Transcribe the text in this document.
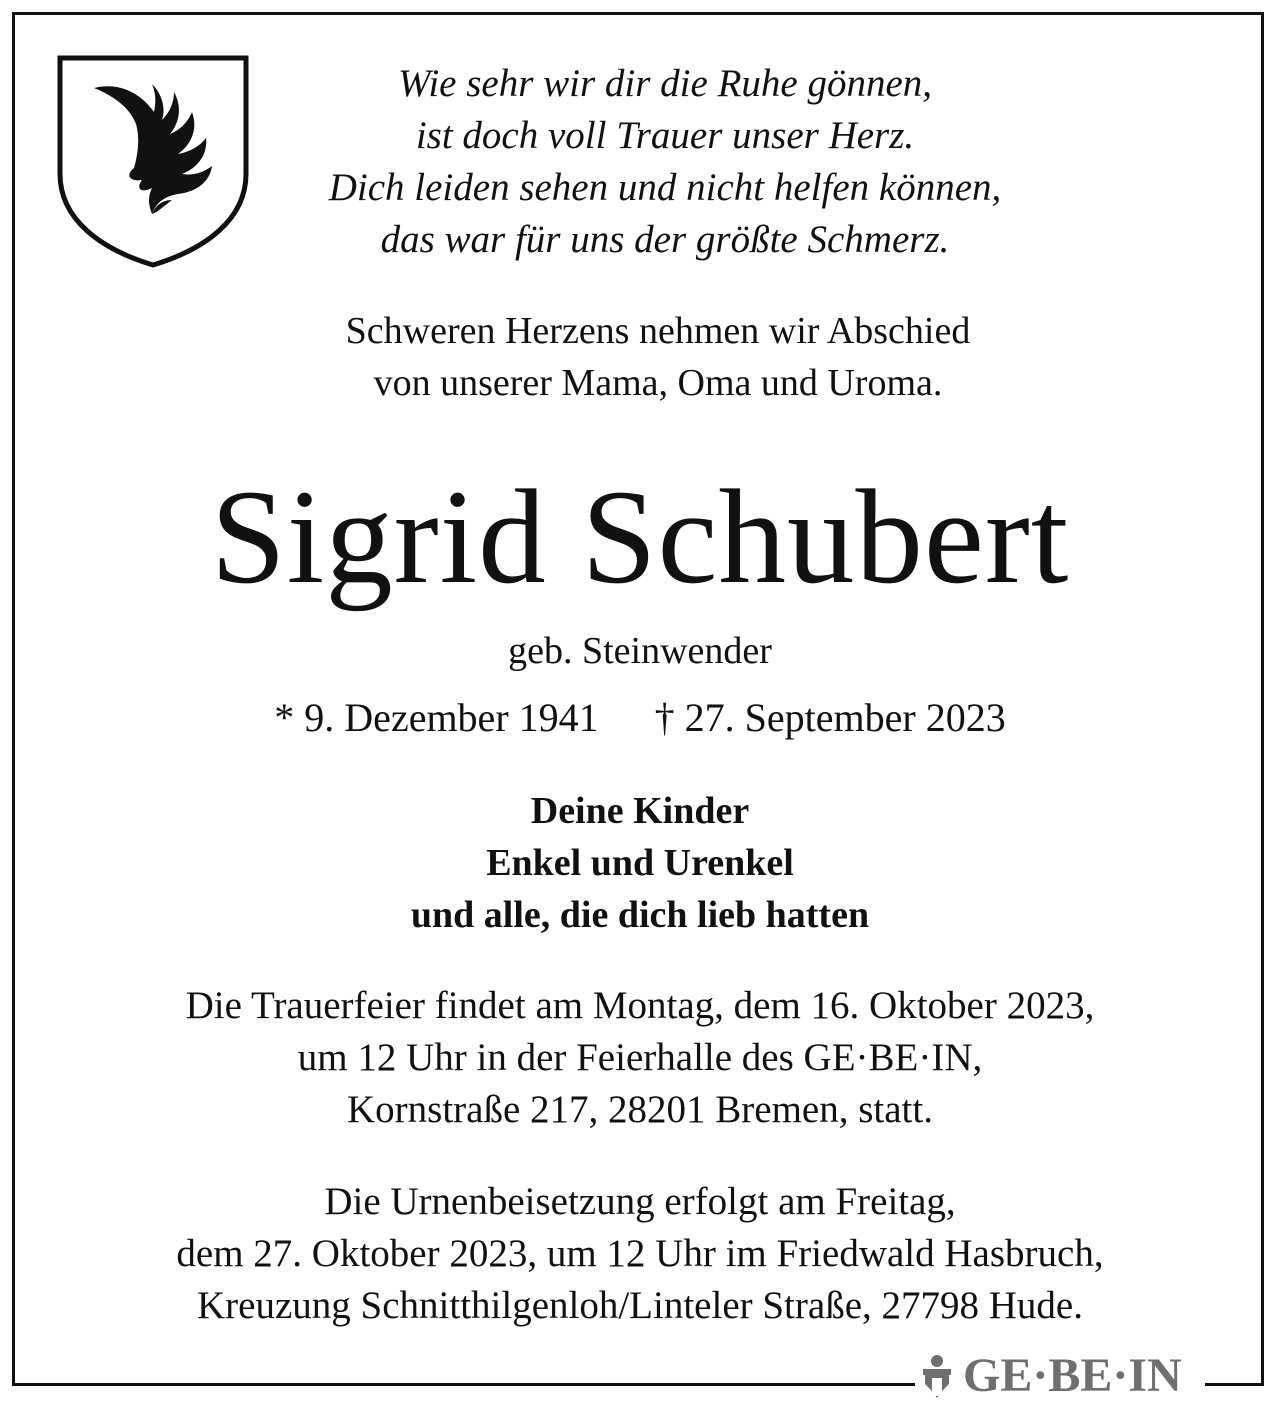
Wie sehr wir dir die Ruhe gönnen,
ist doch voll Trauer unser Herz.
Dich leiden sehen und nicht helfen können,
das war für uns der größte Schmerz.
Schweren Herzens nehmen wir Abschied
von unserer Mama, Oma und Uroma.
Sigrid Schubert
geb. Steinwender
* 9. Dezember 1941 † 27. September 2023
Deine Kinder
Enkel und Urenkel
und alle, die dich lieb hatten
Die Trauerfeier findet am Montag, dem 16. Oktober 2023,
um 12 Uhr in der Feierhalle des GE·BE·IN,
Kornstraße 217, 28201 Bremen, statt.
Die Urnenbeisetzung erfolgt am Freitag,
dem 27. Oktober 2023, um 12 Uhr im Friedwald Hasbruch,
Kreuzung Schnitthilgenloh/Linteler Straße, 27798 Hude.
GE·BE·IN
